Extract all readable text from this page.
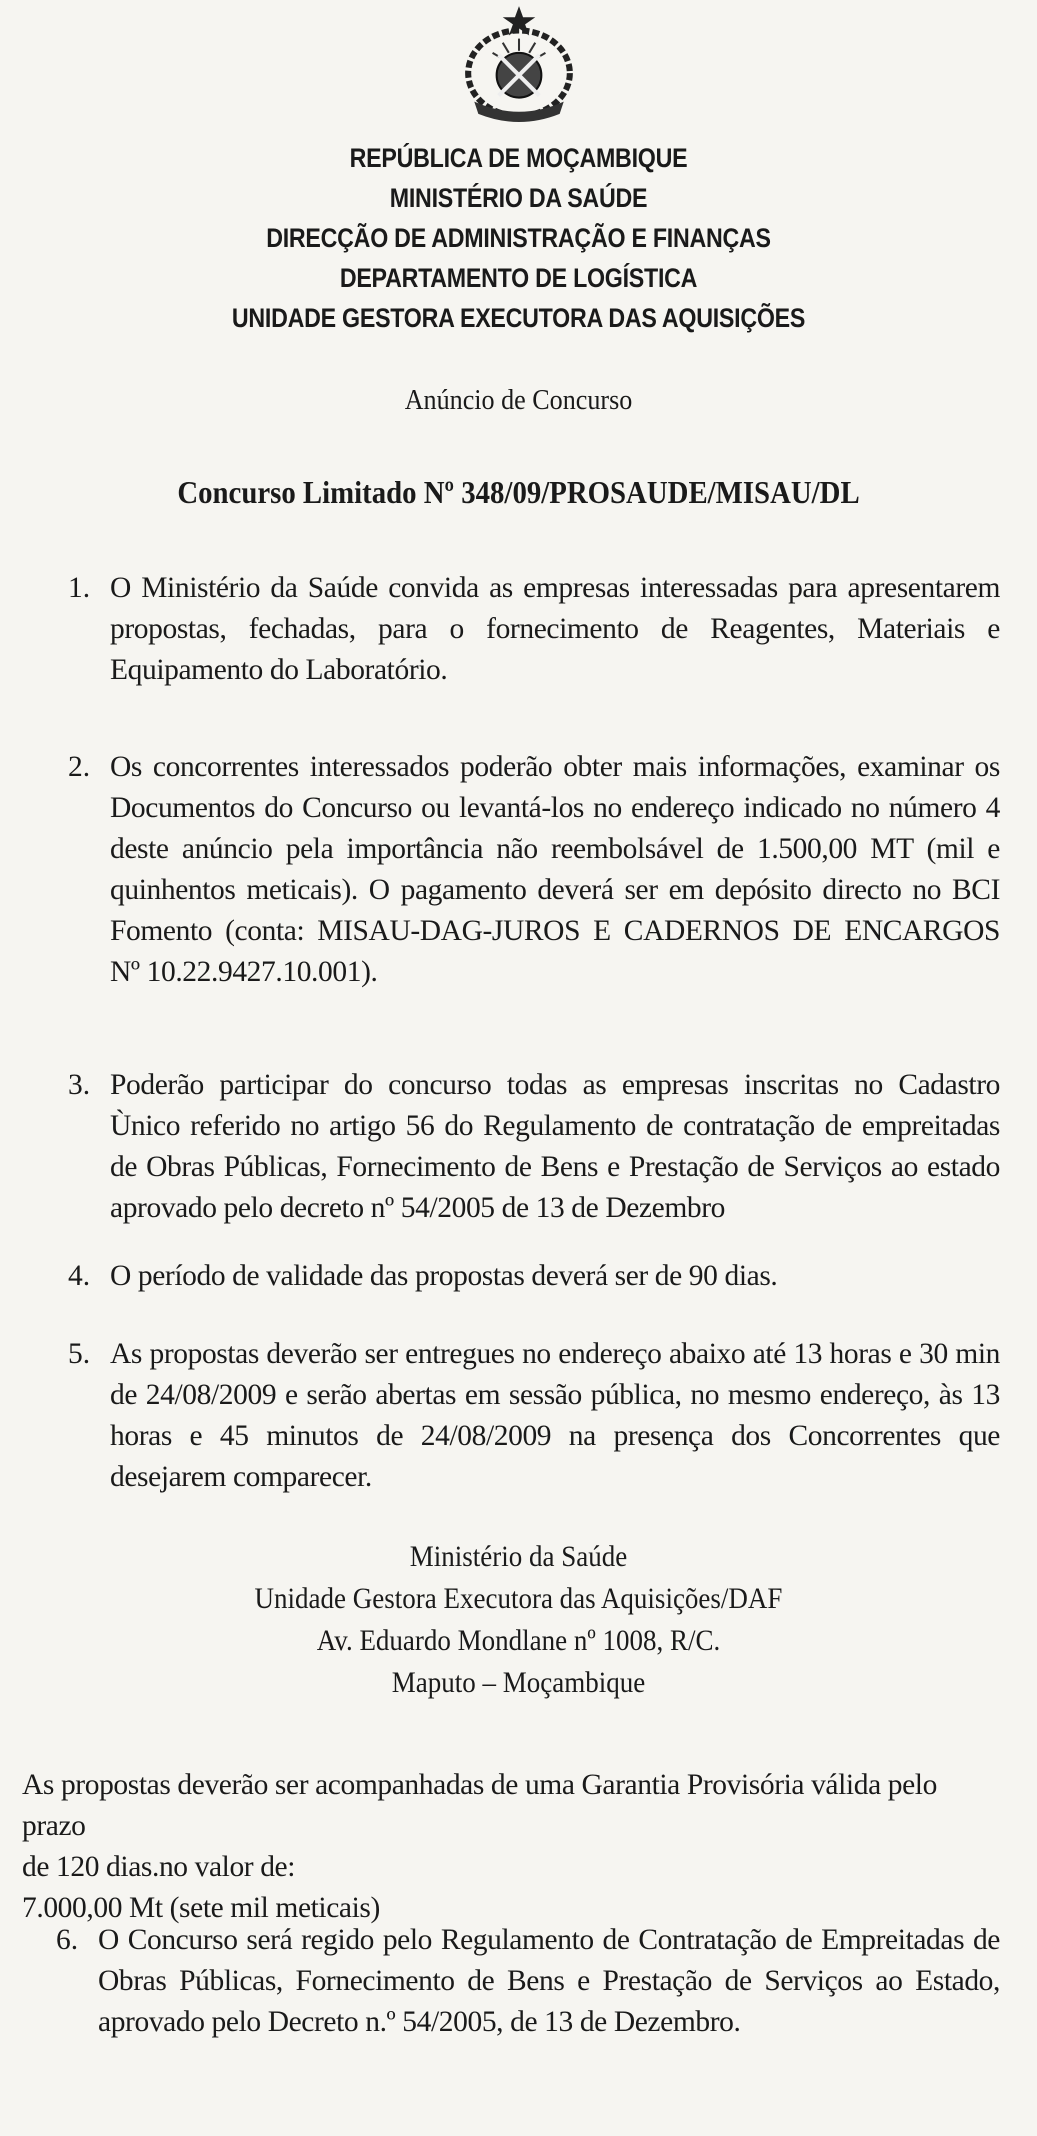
REPÚBLICA DE MOÇAMBIQUE
MINISTÉRIO DA SAÚDE
DIRECÇÃO DE ADMINISTRAÇÃO E FINANÇAS
DEPARTAMENTO DE LOGÍSTICA
UNIDADE GESTORA EXECUTORA DAS AQUISIÇÕES
Anúncio de Concurso
Concurso Limitado Nº 348/09/PROSAUDE/MISAU/DL
1. O Ministério da Saúde convida as empresas interessadas para apresentarem propostas, fechadas, para o fornecimento de Reagentes, Materiais e Equipamento do Laboratório.
2. Os concorrentes interessados poderão obter mais informações, examinar os Documentos do Concurso ou levantá-los no endereço indicado no número 4 deste anúncio pela importância não reembolsável de 1.500,00 MT (mil e quinhentos meticais). O pagamento deverá ser em depósito directo no BCI Fomento (conta: MISAU-DAG-JUROS E CADERNOS DE ENCARGOS Nº 10.22.9427.10.001).
3. Poderão participar do concurso todas as empresas inscritas no Cadastro Ùnico referido no artigo 56 do Regulamento de contratação de empreitadas de Obras Públicas, Fornecimento de Bens e Prestação de Serviços ao estado aprovado pelo decreto nº 54/2005 de 13 de Dezembro
4. O período de validade das propostas deverá ser de 90 dias.
5. As propostas deverão ser entregues no endereço abaixo até 13 horas e 30 min de 24/08/2009 e serão abertas em sessão pública, no mesmo endereço, às 13 horas e 45 minutos de 24/08/2009 na presença dos Concorrentes que desejarem comparecer.
Ministério da Saúde
Unidade Gestora Executora das Aquisições/DAF
Av. Eduardo Mondlane nº 1008, R/C.
Maputo – Moçambique
As propostas deverão ser acompanhadas de uma Garantia Provisória válida pelo prazo
de 120 dias.no valor de:
7.000,00 Mt (sete mil meticais)
6. O Concurso será regido pelo Regulamento de Contratação de Empreitadas de Obras Públicas, Fornecimento de Bens e Prestação de Serviços ao Estado, aprovado pelo Decreto n.º 54/2005, de 13 de Dezembro.
